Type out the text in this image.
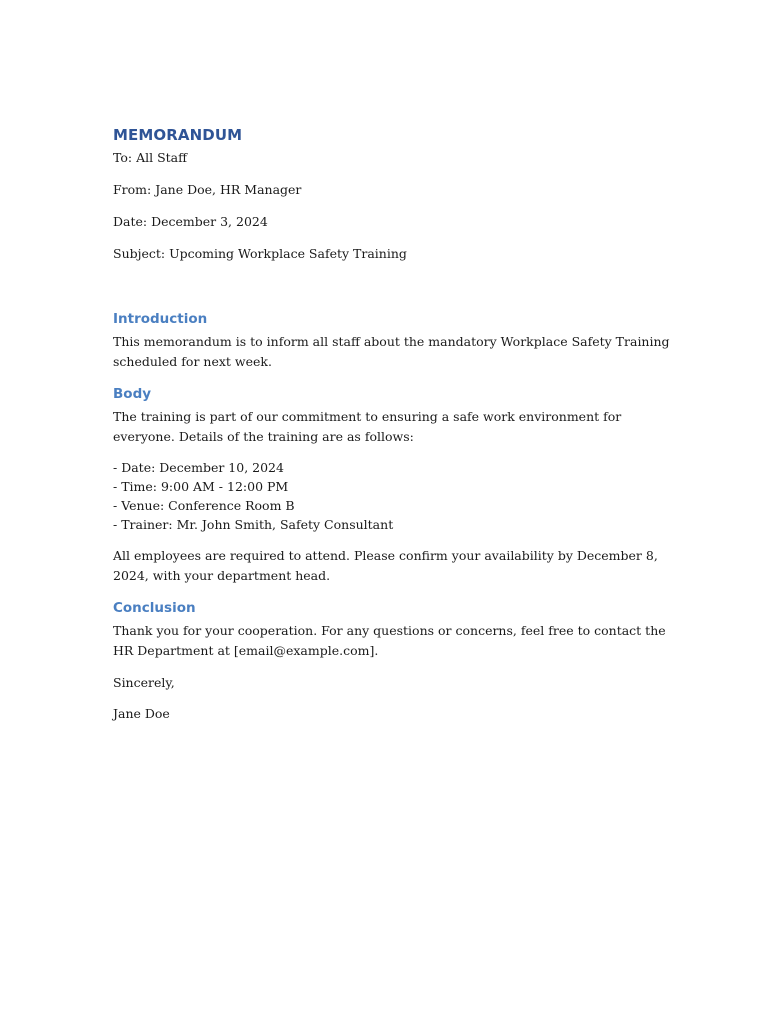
MEMORANDUM

To: All Staff

From: Jane Doe, HR Manager

Date: December 3, 2024

Subject: Upcoming Workplace Safety Training

Introduction

This memorandum is to inform all staff about the mandatory Workplace Safety Training scheduled for next week.

Body

The training is part of our commitment to ensuring a safe work environment for everyone. Details of the training are as follows:

- Date: December 10, 2024
- Time: 9:00 AM - 12:00 PM
- Venue: Conference Room B
- Trainer: Mr. John Smith, Safety Consultant

All employees are required to attend. Please confirm your availability by December 8, 2024, with your department head.

Conclusion

Thank you for your cooperation. For any questions or concerns, feel free to contact the HR Department at [email@example.com].

Sincerely,

Jane Doe
